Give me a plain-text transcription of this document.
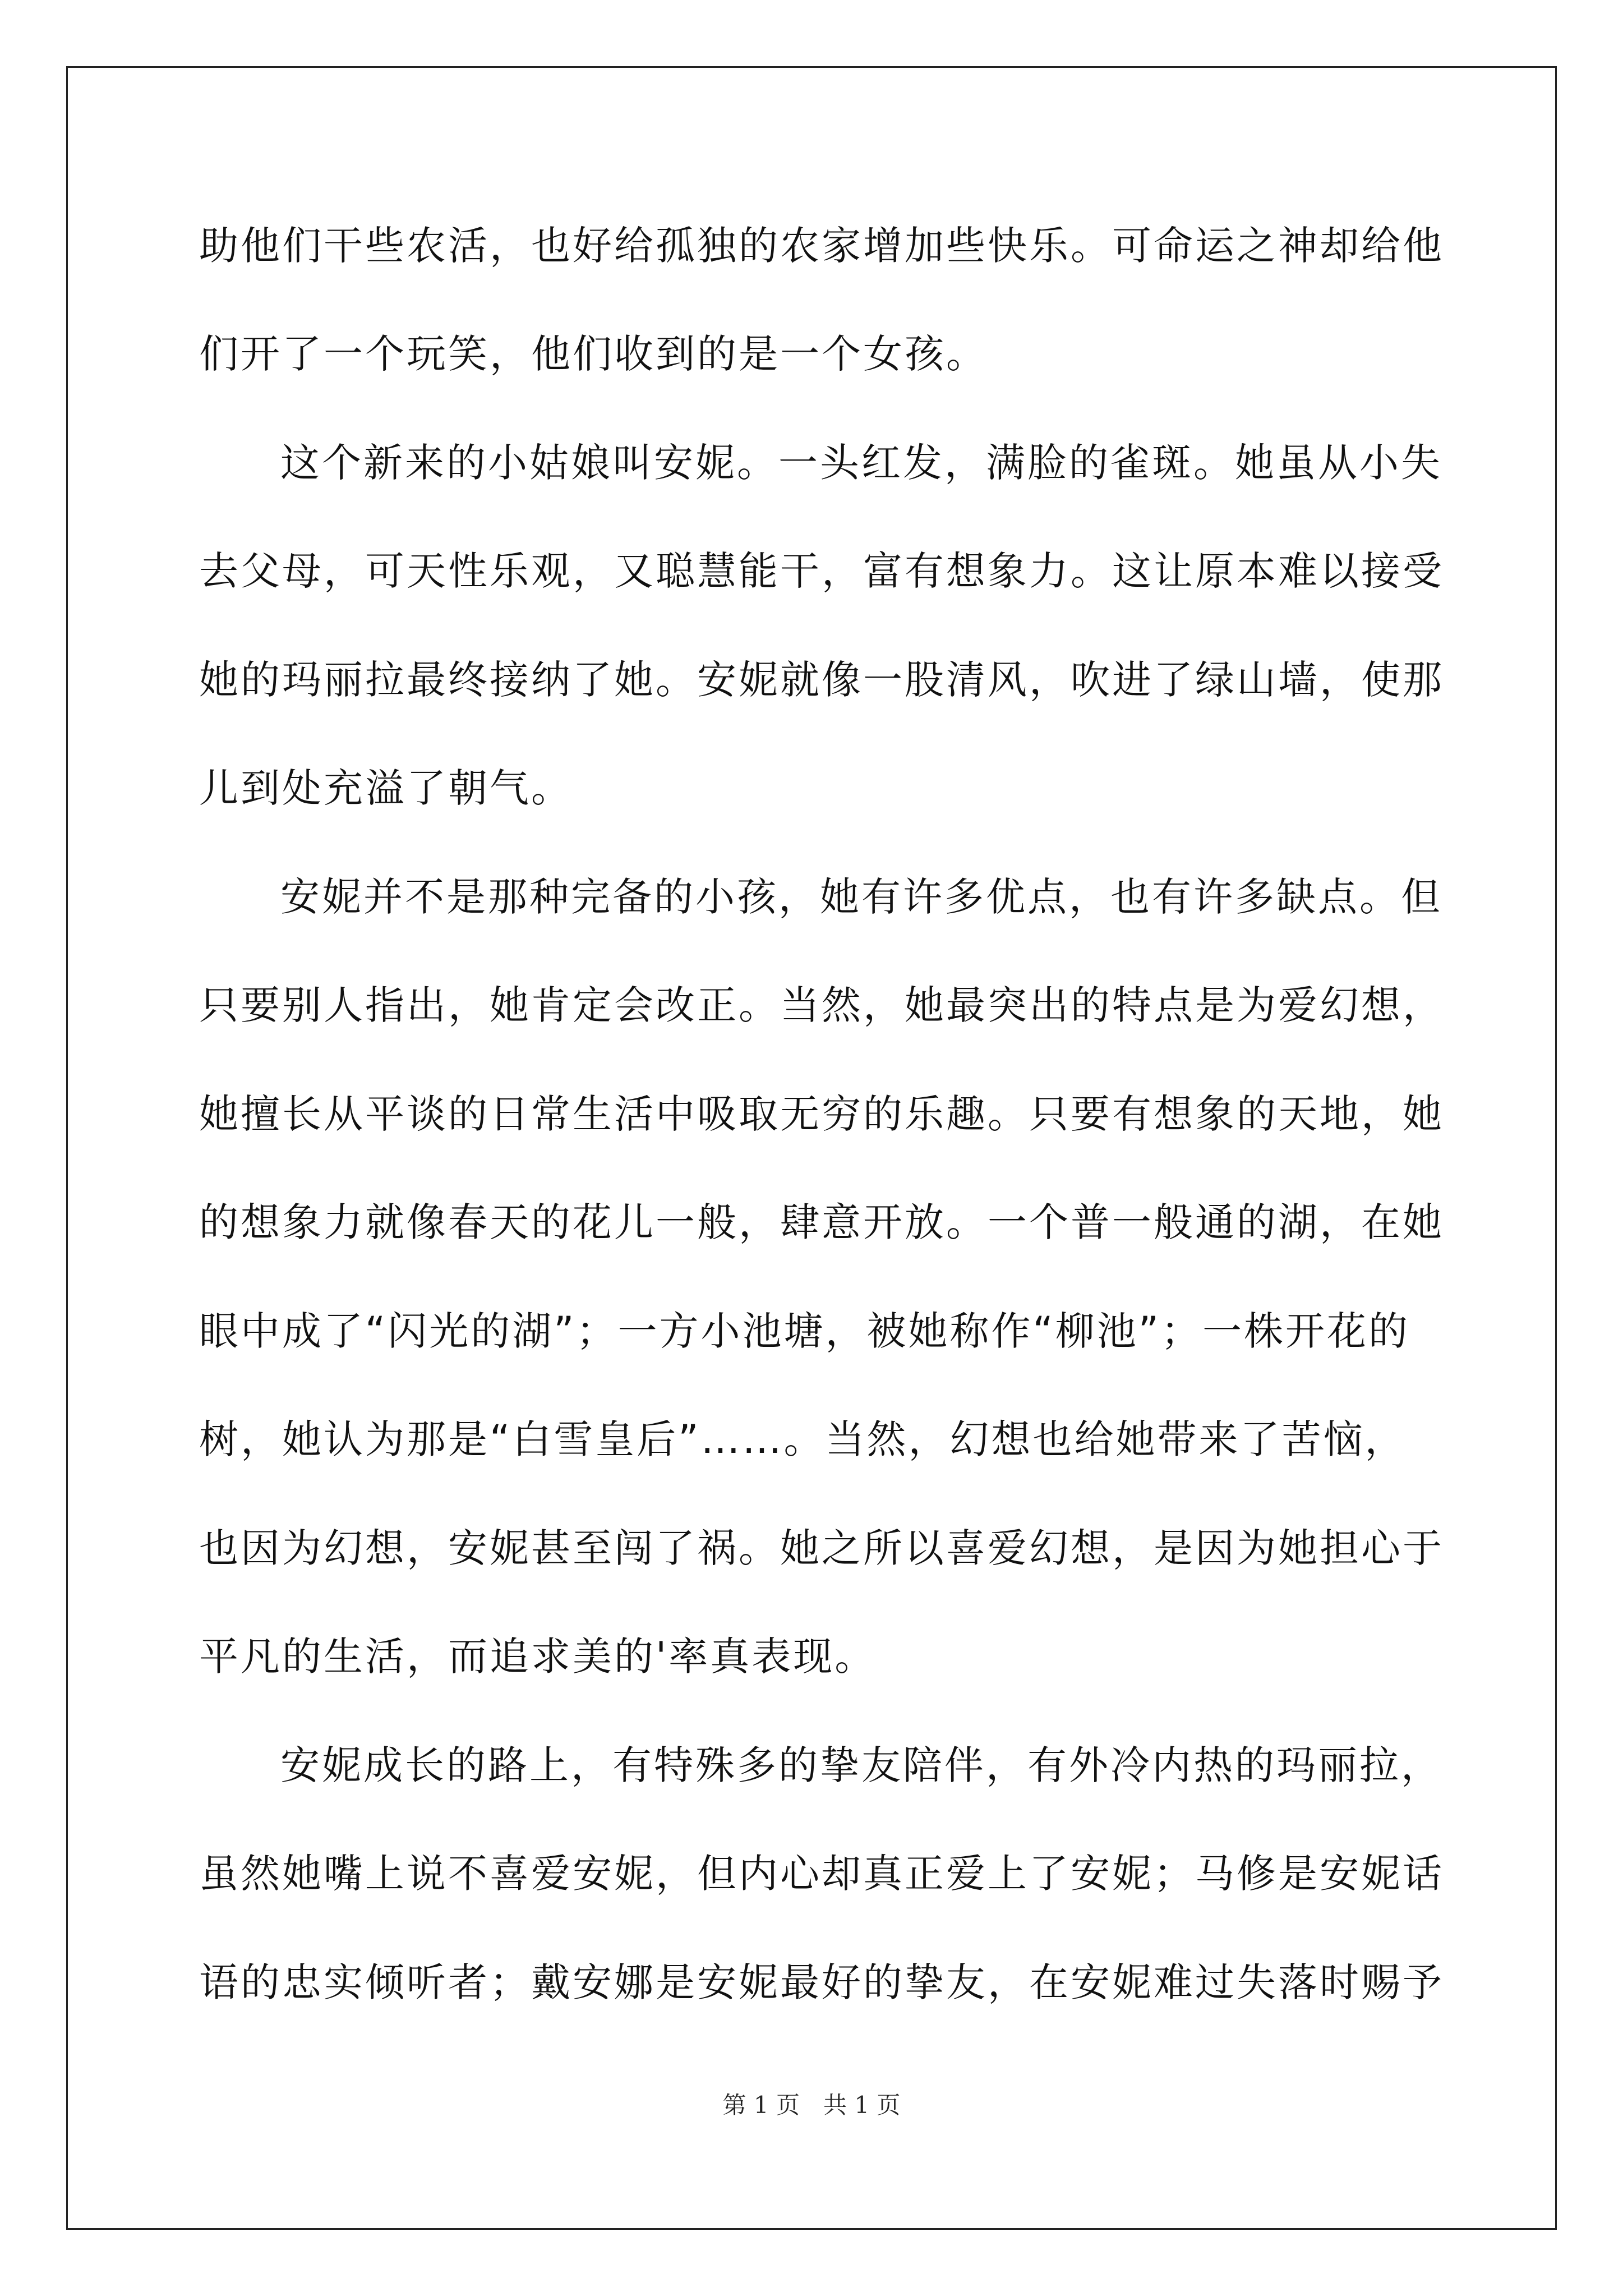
助他们干些农活，也好给孤独的农家增加些快乐。可命运之神却给他
们开了一个玩笑，他们收到的是一个女孩。
这个新来的小姑娘叫安妮。一头红发，满脸的雀斑。她虽从小失
去父母，可天性乐观，又聪慧能干，富有想象力。这让原本难以接受
她的玛丽拉最终接纳了她。安妮就像一股清风，吹进了绿山墙，使那
儿到处充溢了朝气。
安妮并不是那种完备的小孩，她有许多优点，也有许多缺点。但
只要别人指出，她肯定会改正。当然，她最突出的特点是为爱幻想，
她擅长从平谈的日常生活中吸取无穷的乐趣。只要有想象的天地，她
的想象力就像春天的花儿一般，肆意开放。一个普一般通的湖，在她
眼中成了“闪光的湖”；一方小池塘，被她称作“柳池”；一株开花的
树，她认为那是“白雪皇后”……。当然，幻想也给她带来了苦恼，
也因为幻想，安妮甚至闯了祸。她之所以喜爱幻想，是因为她担心于
平凡的生活，而追求美的'率真表现。
安妮成长的路上，有特殊多的挚友陪伴，有外冷内热的玛丽拉，
虽然她嘴上说不喜爱安妮，但内心却真正爱上了安妮；马修是安妮话
语的忠实倾听者；戴安娜是安妮最好的挚友，在安妮难过失落时赐予
第 1 页　共 1 页
